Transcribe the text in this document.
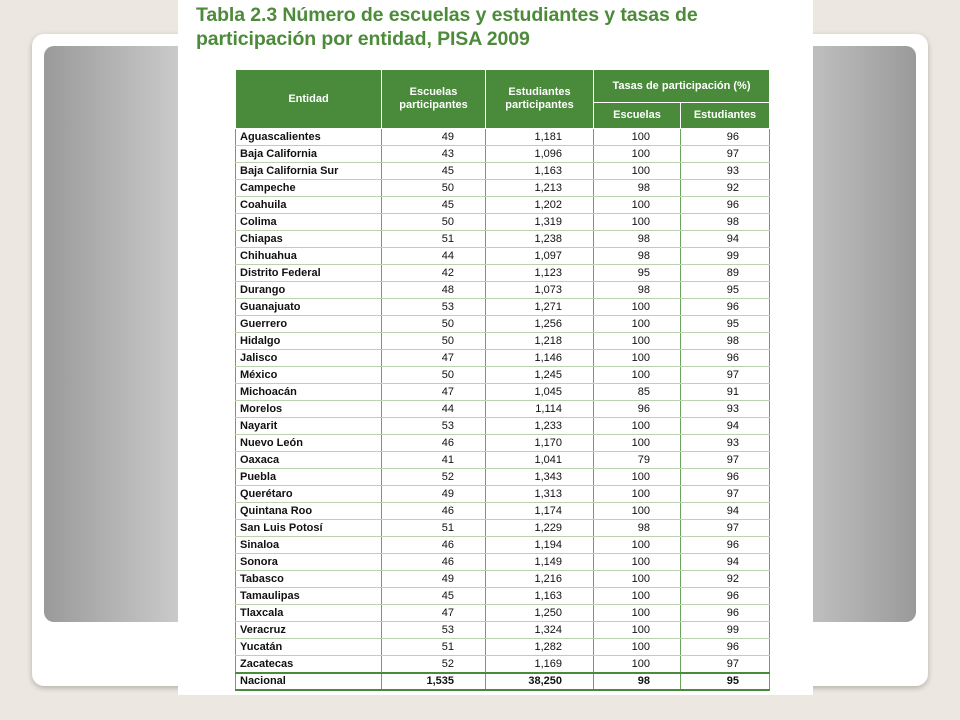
Tabla 2.3 Número de escuelas y estudiantes y tasas de participación por entidad, PISA 2009
Entidad	Escuelas participantes	Estudiantes participantes	Tasas de participación (%)	
			Escuelas	Estudiantes
Aguascalientes	49	1,181	100	96
Baja California	43	1,096	100	97
Baja California Sur	45	1,163	100	93
Campeche	50	1,213	98	92
Coahuila	45	1,202	100	96
Colima	50	1,319	100	98
Chiapas	51	1,238	98	94
Chihuahua	44	1,097	98	99
Distrito Federal	42	1,123	95	89
Durango	48	1,073	98	95
Guanajuato	53	1,271	100	96
Guerrero	50	1,256	100	95
Hidalgo	50	1,218	100	98
Jalisco	47	1,146	100	96
México	50	1,245	100	97
Michoacán	47	1,045	85	91
Morelos	44	1,114	96	93
Nayarit	53	1,233	100	94
Nuevo León	46	1,170	100	93
Oaxaca	41	1,041	79	97
Puebla	52	1,343	100	96
Querétaro	49	1,313	100	97
Quintana Roo	46	1,174	100	94
San Luis Potosí	51	1,229	98	97
Sinaloa	46	1,194	100	96
Sonora	46	1,149	100	94
Tabasco	49	1,216	100	92
Tamaulipas	45	1,163	100	96
Tlaxcala	47	1,250	100	96
Veracruz	53	1,324	100	99
Yucatán	51	1,282	100	96
Zacatecas	52	1,169	100	97
Nacional	1,535	38,250	98	95
